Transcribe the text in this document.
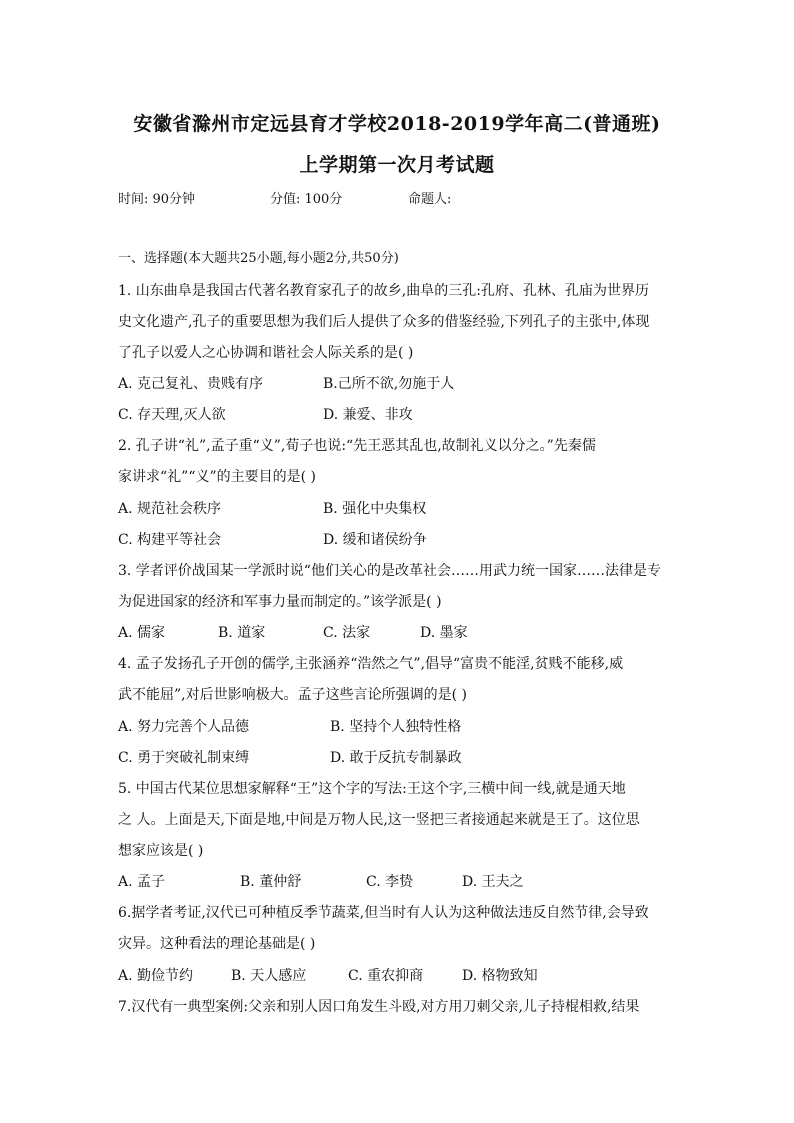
安徽省滁州市定远县育才学校2018-2019学年高二(普通班)
上学期第一次月考试题
时间: 90分钟	分值: 100分	命题人:
一、选择题(本大题共25小题,每小题2分,共50分)
1. 山东曲阜是我国古代著名教育家孔子的故乡,曲阜的三孔:孔府、孔林、孔庙为世界历
史文化遗产,孔子的重要思想为我们后人提供了众多的借鉴经验,下列孔子的主张中,体现
了孔子以爱人之心协调和谐社会人际关系的是( )
A. 克己复礼、贵贱有序	B.己所不欲,勿施于人
C. 存天理,灭人欲	D. 兼爱、非攻
2. 孔子讲“礼”,孟子重“义”,荀子也说:“先王恶其乱也,故制礼义以分之。”先秦儒
家讲求“礼”“义”的主要目的是( )
A. 规范社会秩序	B. 强化中央集权
C. 构建平等社会	D. 缓和诸侯纷争
3. 学者评价战国某一学派时说“他们关心的是改革社会……用武力统一国家……法律是专
为促进国家的经济和军事力量而制定的。”该学派是( )
A. 儒家	B. 道家	C. 法家	D. 墨家
4. 孟子发扬孔子开创的儒学,主张涵养“浩然之气”,倡导“富贵不能淫,贫贱不能移,威
武不能屈”,对后世影响极大。孟子这些言论所强调的是( )
A. 努力完善个人品德	B. 坚持个人独特性格
C. 勇于突破礼制束缚	D. 敢于反抗专制暴政
5. 中国古代某位思想家解释“王”这个字的写法:王这个字,三横中间一线,就是通天地
之 人。上面是天,下面是地,中间是万物人民,这一竖把三者接通起来就是王了。这位思
想家应该是( )
A. 孟子	B. 董仲舒	C. 李贽	D. 王夫之
6.据学者考证,汉代已可种植反季节蔬菜,但当时有人认为这种做法违反自然节律,会导致
灾异。这种看法的理论基础是( )
A. 勤俭节约	B. 天人感应	C. 重农抑商	D. 格物致知
7.汉代有一典型案例:父亲和别人因口角发生斗殴,对方用刀刺父亲,儿子持棍相救,结果
